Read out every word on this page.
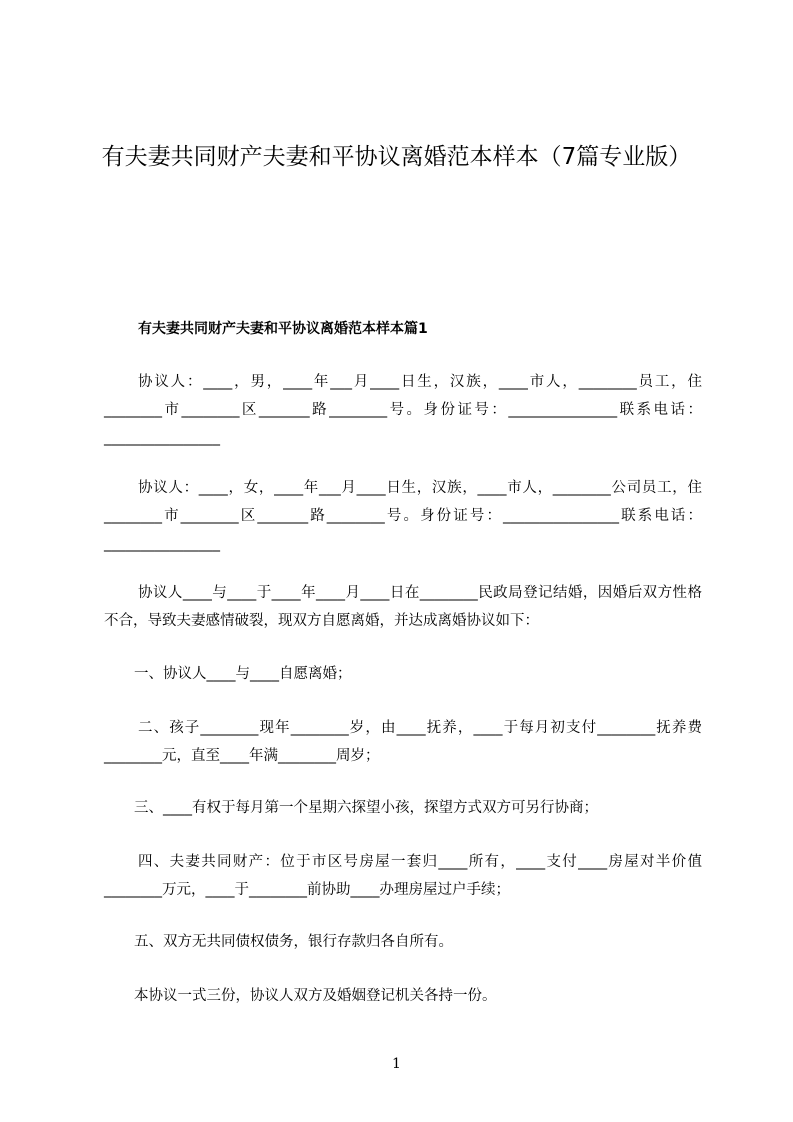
有夫妻共同财产夫妻和平协议离婚范本样本（7篇专业版）
有夫妻共同财产夫妻和平协议离婚范本样本篇1

协议人：____，男，____年___月____日生，汉族，____市人，________员工，住________市________区_______路________号。身份证号：_______________联系电话：________________

协议人：____，女，____年___月____日生，汉族，____市人，________公司员工，住________市________区_______路________号。身份证号：________________联系电话：________________

协议人____与____于____年____月____日在________民政局登记结婚，因婚后双方性格不合，导致夫妻感情破裂，现双方自愿离婚，并达成离婚协议如下：

一、协议人____与____自愿离婚；

二、孩子________现年________岁，由____抚养，____于每月初支付________抚养费________元，直至____年满________周岁；

三、____有权于每月第一个星期六探望小孩，探望方式双方可另行协商；

四、夫妻共同财产：位于市区号房屋一套归____所有，____支付____房屋对半价值________万元，____于________前协助____办理房屋过户手续；

五、双方无共同债权债务，银行存款归各自所有。

本协议一式三份，协议人双方及婚姻登记机关各持一份。

1
